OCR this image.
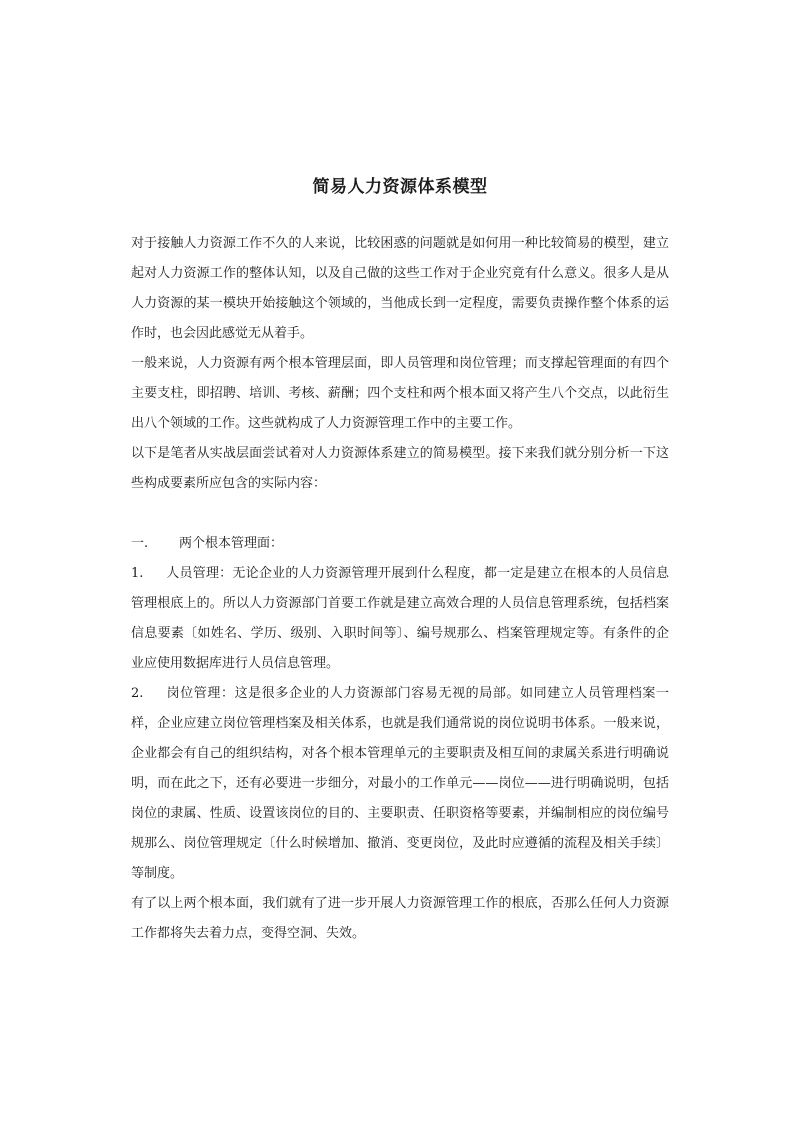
简易人力资源体系模型

对于接触人力资源工作不久的人来说，比较困惑的问题就是如何用一种比较简易的模型，建立起对人力资源工作的整体认知，以及自己做的这些工作对于企业究竟有什么意义。很多人是从人力资源的某一模块开始接触这个领域的，当他成长到一定程度，需要负责操作整个体系的运作时，也会因此感觉无从着手。

一般来说，人力资源有两个根本管理层面，即人员管理和岗位管理；而支撑起管理面的有四个主要支柱，即招聘、培训、考核、薪酬；四个支柱和两个根本面又将产生八个交点，以此衍生出八个领域的工作。这些就构成了人力资源管理工作中的主要工作。

以下是笔者从实战层面尝试着对人力资源体系建立的简易模型。接下来我们就分别分析一下这些构成要素所应包含的实际内容：

一. 两个根本管理面：

1. 人员管理：无论企业的人力资源管理开展到什么程度，都一定是建立在根本的人员信息管理根底上的。所以人力资源部门首要工作就是建立高效合理的人员信息管理系统，包括档案信息要素〔如姓名、学历、级别、入职时间等〕、编号规那么、档案管理规定等。有条件的企业应使用数据库进行人员信息管理。

2. 岗位管理：这是很多企业的人力资源部门容易无视的局部。如同建立人员管理档案一样，企业应建立岗位管理档案及相关体系，也就是我们通常说的岗位说明书体系。一般来说，企业都会有自己的组织结构，对各个根本管理单元的主要职责及相互间的隶属关系进行明确说明，而在此之下，还有必要进一步细分，对最小的工作单元——岗位——进行明确说明，包括岗位的隶属、性质、设置该岗位的目的、主要职责、任职资格等要素，并编制相应的岗位编号规那么、岗位管理规定〔什么时候增加、撤消、变更岗位，及此时应遵循的流程及相关手续〕等制度。

有了以上两个根本面，我们就有了进一步开展人力资源管理工作的根底，否那么任何人力资源工作都将失去着力点，变得空洞、失效。
